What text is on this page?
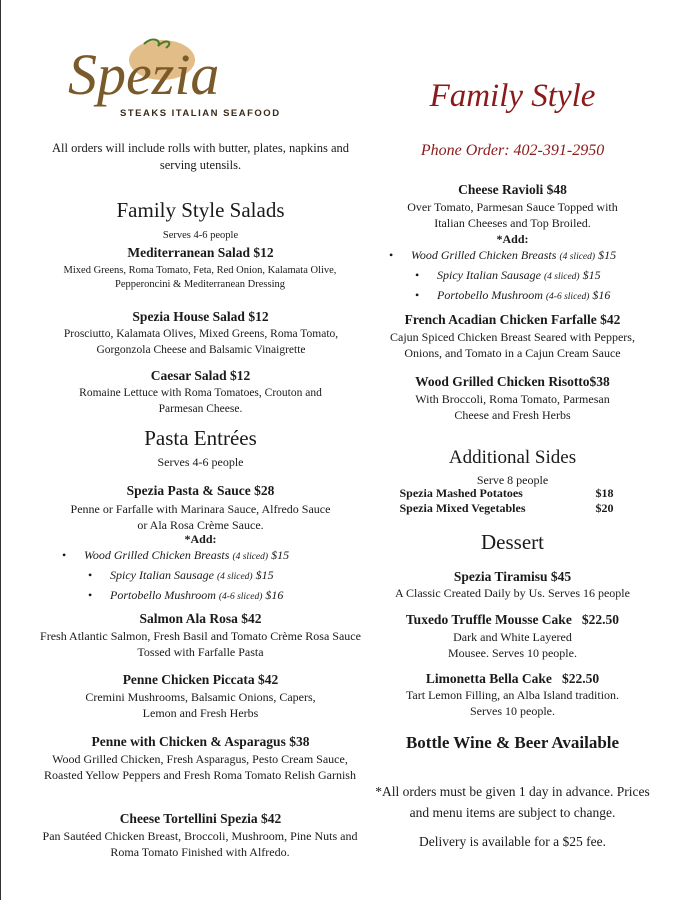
Spezia
STEAKS ITALIAN SEAFOOD
All orders will include rolls with butter, plates, napkins and serving utensils.
Family Style Salads
Serves 4-6 people
Mediterranean Salad $12
Mixed Greens, Roma Tomato, Feta, Red Onion, Kalamata Olive, Pepperoncini & Mediterranean Dressing
Spezia House Salad $12
Prosciutto, Kalamata Olives, Mixed Greens, Roma Tomato, Gorgonzola Cheese and Balsamic Vinaigrette
Caesar Salad $12
Romaine Lettuce with Roma Tomatoes, Crouton and Parmesan Cheese.
Pasta Entrées
Serves 4-6 people
Spezia Pasta & Sauce $28
Penne or Farfalle with Marinara Sauce, Alfredo Sauce or Ala Rosa Crème Sauce.
*Add:
• Wood Grilled Chicken Breasts (4 sliced) $15
• Spicy Italian Sausage (4 sliced) $15
• Portobello Mushroom (4-6 sliced) $16
Salmon Ala Rosa $42
Fresh Atlantic Salmon, Fresh Basil and Tomato Crème Rosa Sauce Tossed with Farfalle Pasta
Penne Chicken Piccata $42
Cremini Mushrooms, Balsamic Onions, Capers, Lemon and Fresh Herbs
Penne with Chicken & Asparagus $38
Wood Grilled Chicken, Fresh Asparagus, Pesto Cream Sauce, Roasted Yellow Peppers and Fresh Roma Tomato Relish Garnish
Cheese Tortellini Spezia $42
Pan Sautéed Chicken Breast, Broccoli, Mushroom, Pine Nuts and Roma Tomato Finished with Alfredo.
Family Style
Phone Order: 402-391-2950
Cheese Ravioli $48
Over Tomato, Parmesan Sauce Topped with Italian Cheeses and Top Broiled.
*Add:
• Wood Grilled Chicken Breasts (4 sliced) $15
• Spicy Italian Sausage (4 sliced) $15
• Portobello Mushroom (4-6 sliced) $16
French Acadian Chicken Farfalle $42
Cajun Spiced Chicken Breast Seared with Peppers, Onions, and Tomato in a Cajun Cream Sauce
Wood Grilled Chicken Risotto$38
With Broccoli, Roma Tomato, Parmesan Cheese and Fresh Herbs
Additional Sides
Serve 8 people
Spezia Mashed Potatoes	$18
Spezia Mixed Vegetables	$20
Dessert
Spezia Tiramisu $45
A Classic Created Daily by Us. Serves 16 people
Tuxedo Truffle Mousse Cake   $22.50
Dark and White Layered Mousee. Serves 10 people.
Limonetta Bella Cake   $22.50
Tart Lemon Filling, an Alba Island tradition. Serves 10 people.
Bottle Wine & Beer Available
*All orders must be given 1 day in advance. Prices and menu items are subject to change.
Delivery is available for a $25 fee.
